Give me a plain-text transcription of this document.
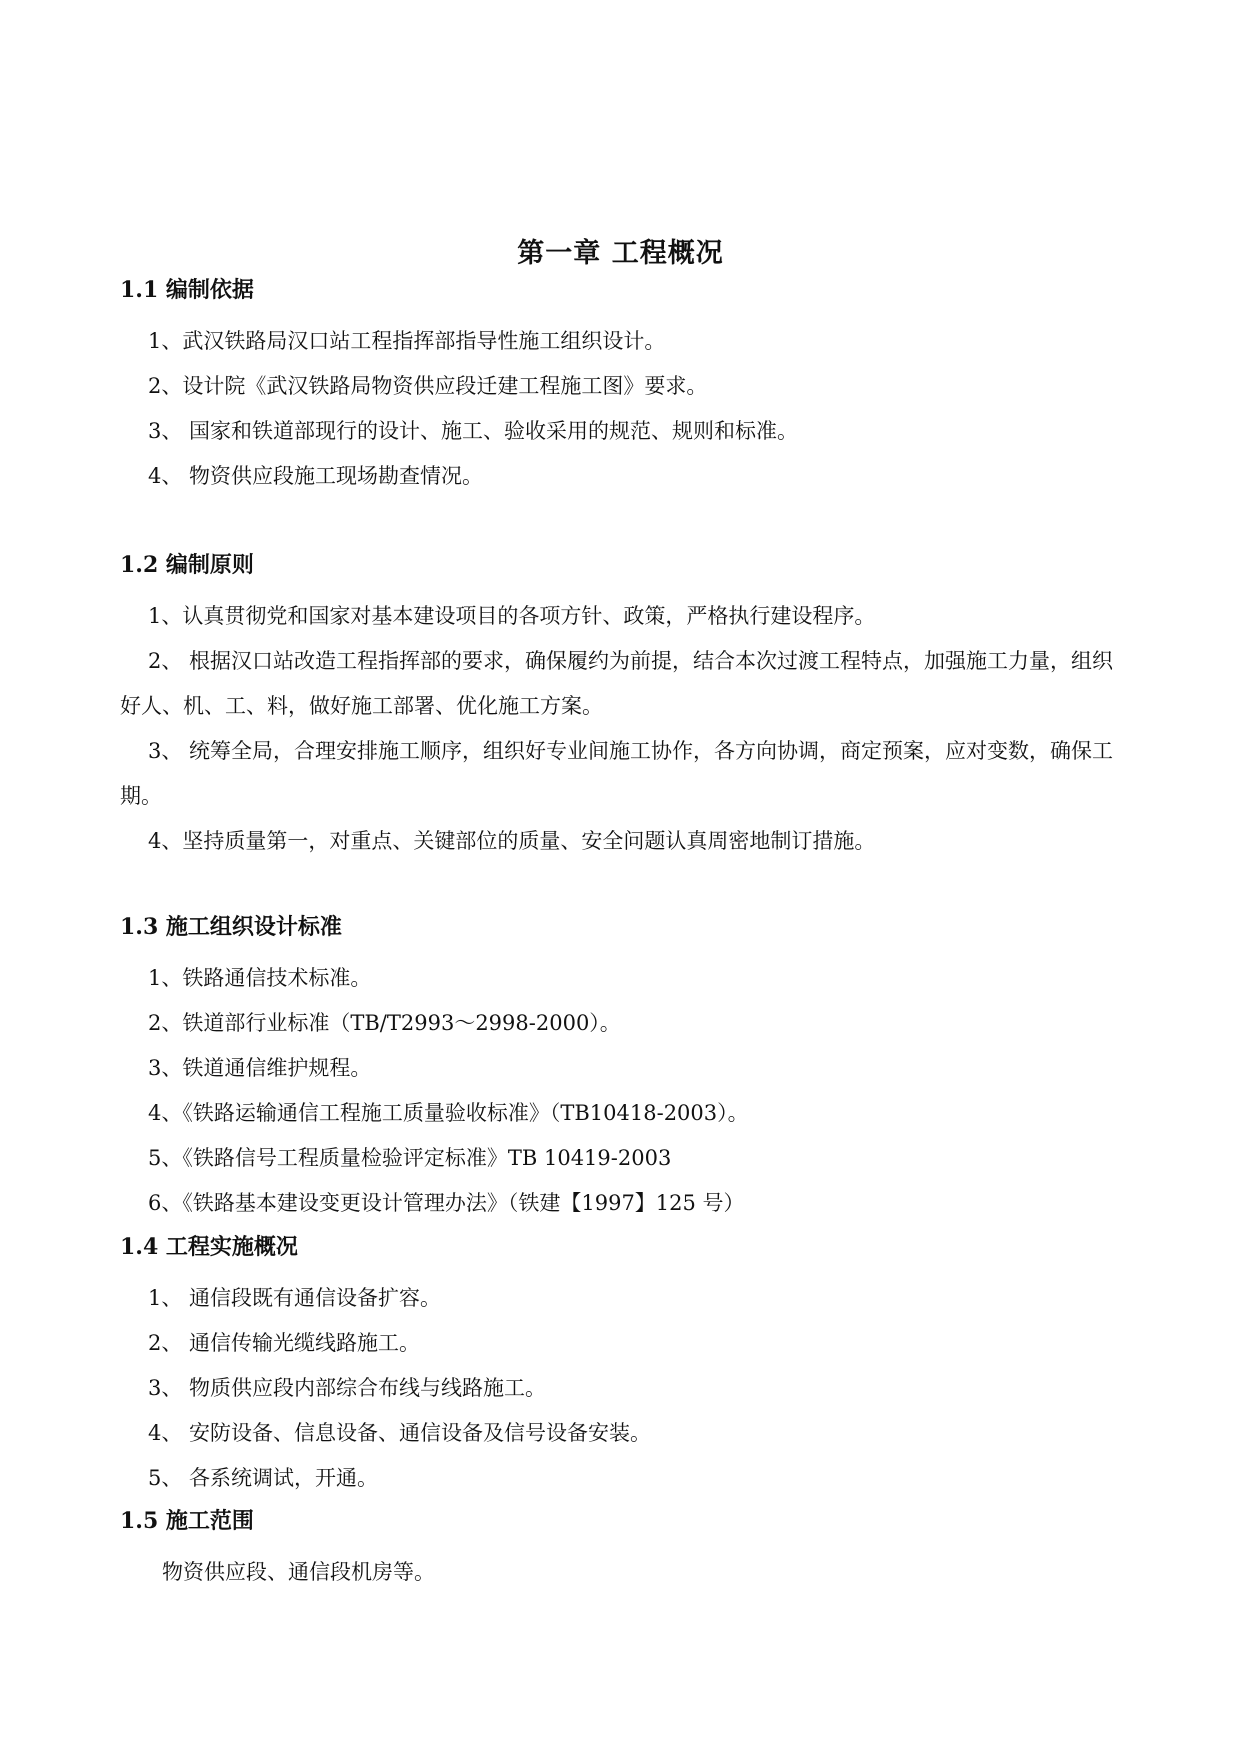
第一章 工程概况
1.1 编制依据

1、武汉铁路局汉口站工程指挥部指导性施工组织设计。

2、设计院《武汉铁路局物资供应段迁建工程施工图》要求。

3、 国家和铁道部现行的设计、施工、验收采用的规范、规则和标准。

4、 物资供应段施工现场勘查情况。

1.2 编制原则

1、认真贯彻党和国家对基本建设项目的各项方针、政策，严格执行建设程序。

2、 根据汉口站改造工程指挥部的要求，确保履约为前提，结合本次过渡工程特点，加强施工力量，组织好人、机、工、料，做好施工部署、优化施工方案。

3、 统筹全局，合理安排施工顺序，组织好专业间施工协作，各方向协调，商定预案，应对变数，确保工期。

4、坚持质量第一，对重点、关键部位的质量、安全问题认真周密地制订措施。

1.3 施工组织设计标准

1、铁路通信技术标准。

2、铁道部行业标准（TB/T2993～2998-2000）。

3、铁道通信维护规程。

4、《铁路运输通信工程施工质量验收标准》（TB10418-2003）。

5、《铁路信号工程质量检验评定标准》TB 10419-2003

6、《铁路基本建设变更设计管理办法》（铁建【1997】125 号）

1.4 工程实施概况

1、 通信段既有通信设备扩容。

2、 通信传输光缆线路施工。

3、 物质供应段内部综合布线与线路施工。

4、 安防设备、信息设备、通信设备及信号设备安装。

5、 各系统调试，开通。

1.5 施工范围

物资供应段、通信段机房等。
